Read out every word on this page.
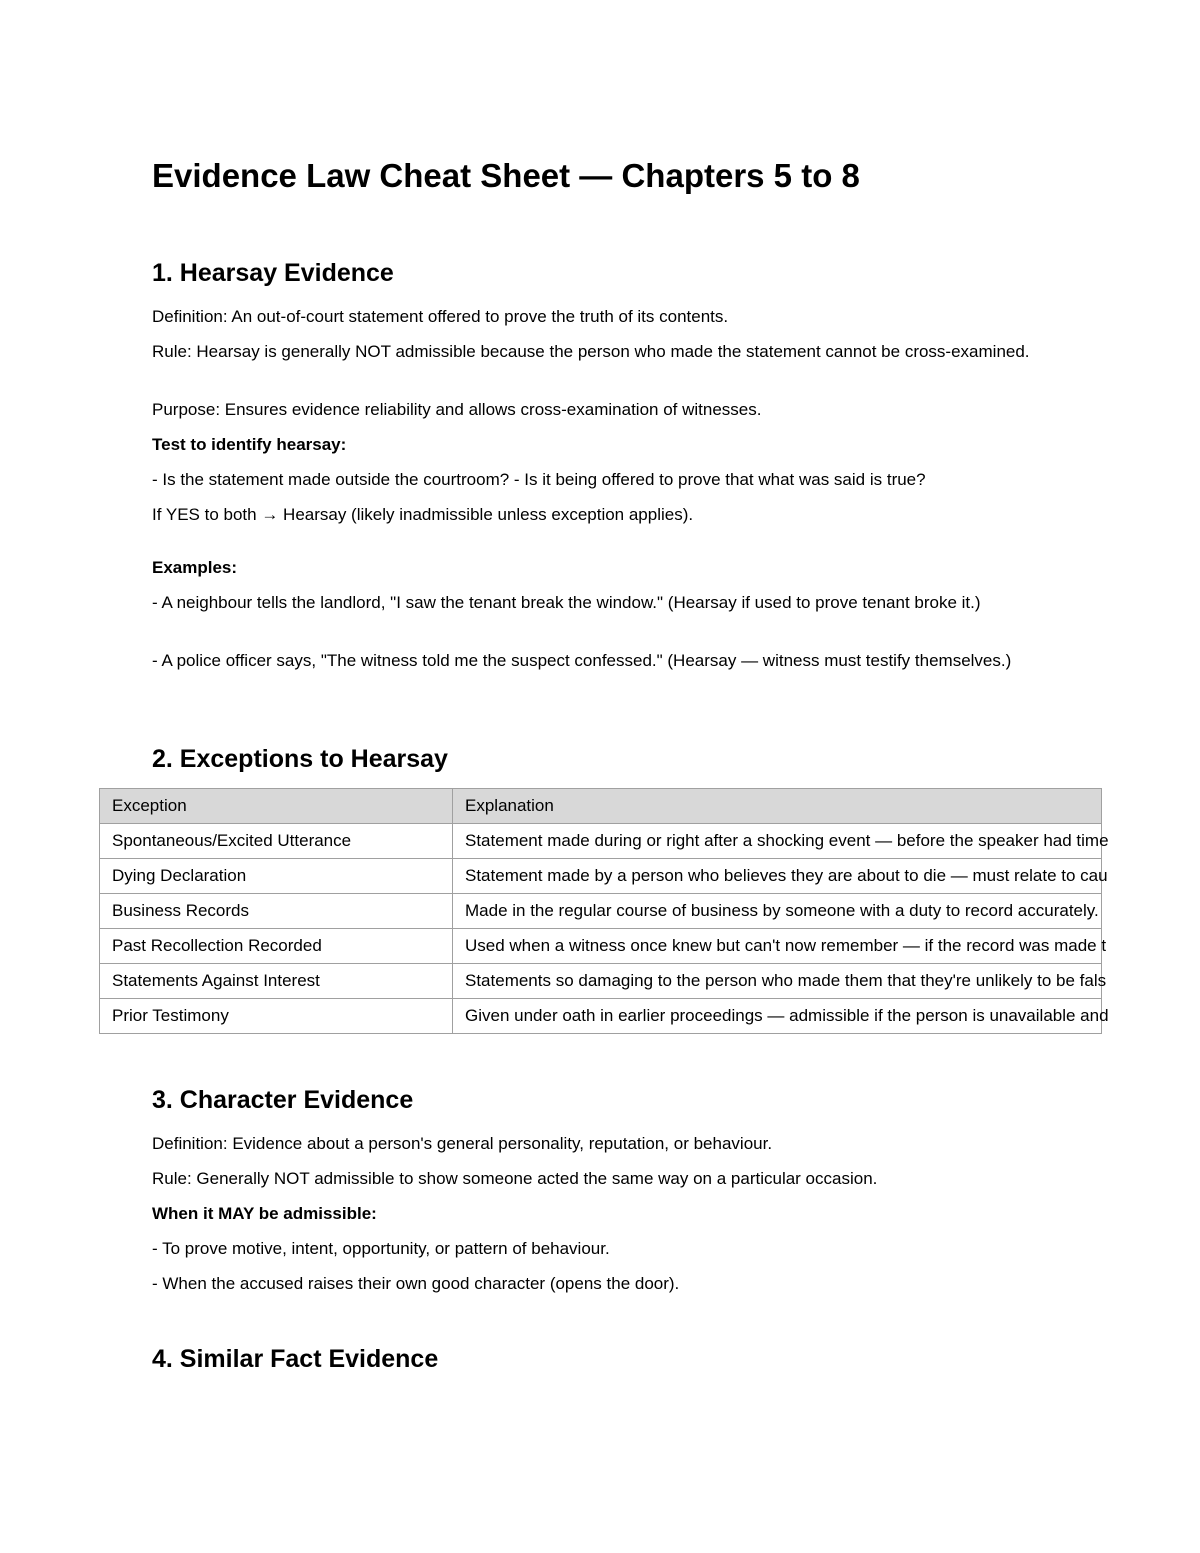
Evidence Law Cheat Sheet — Chapters 5 to 8
1. Hearsay Evidence

Definition: An out-of-court statement offered to prove the truth of its contents.

Rule: Hearsay is generally NOT admissible because the person who made the statement cannot be cross-examined.

Purpose: Ensures evidence reliability and allows cross-examination of witnesses.

Test to identify hearsay:

- Is the statement made outside the courtroom? - Is it being offered to prove that what was said is true?

If YES to both → Hearsay (likely inadmissible unless exception applies).

Examples:

- A neighbour tells the landlord, "I saw the tenant break the window." (Hearsay if used to prove tenant broke it.)

- A police officer says, "The witness told me the suspect confessed." (Hearsay — witness must testify themselves.)

2. Exceptions to Hearsay
Exception	Explanation
Spontaneous/Excited Utterance	Statement made during or right after a shocking event — before the speaker had time
Dying Declaration	Statement made by a person who believes they are about to die — must relate to cau
Business Records	Made in the regular course of business by someone with a duty to record accurately.
Past Recollection Recorded	Used when a witness once knew but can't now remember — if the record was made t
Statements Against Interest	Statements so damaging to the person who made them that they're unlikely to be fals
Prior Testimony	Given under oath in earlier proceedings — admissible if the person is unavailable and
3. Character Evidence

Definition: Evidence about a person's general personality, reputation, or behaviour.

Rule: Generally NOT admissible to show someone acted the same way on a particular occasion.

When it MAY be admissible:

- To prove motive, intent, opportunity, or pattern of behaviour.

- When the accused raises their own good character (opens the door).

4. Similar Fact Evidence
